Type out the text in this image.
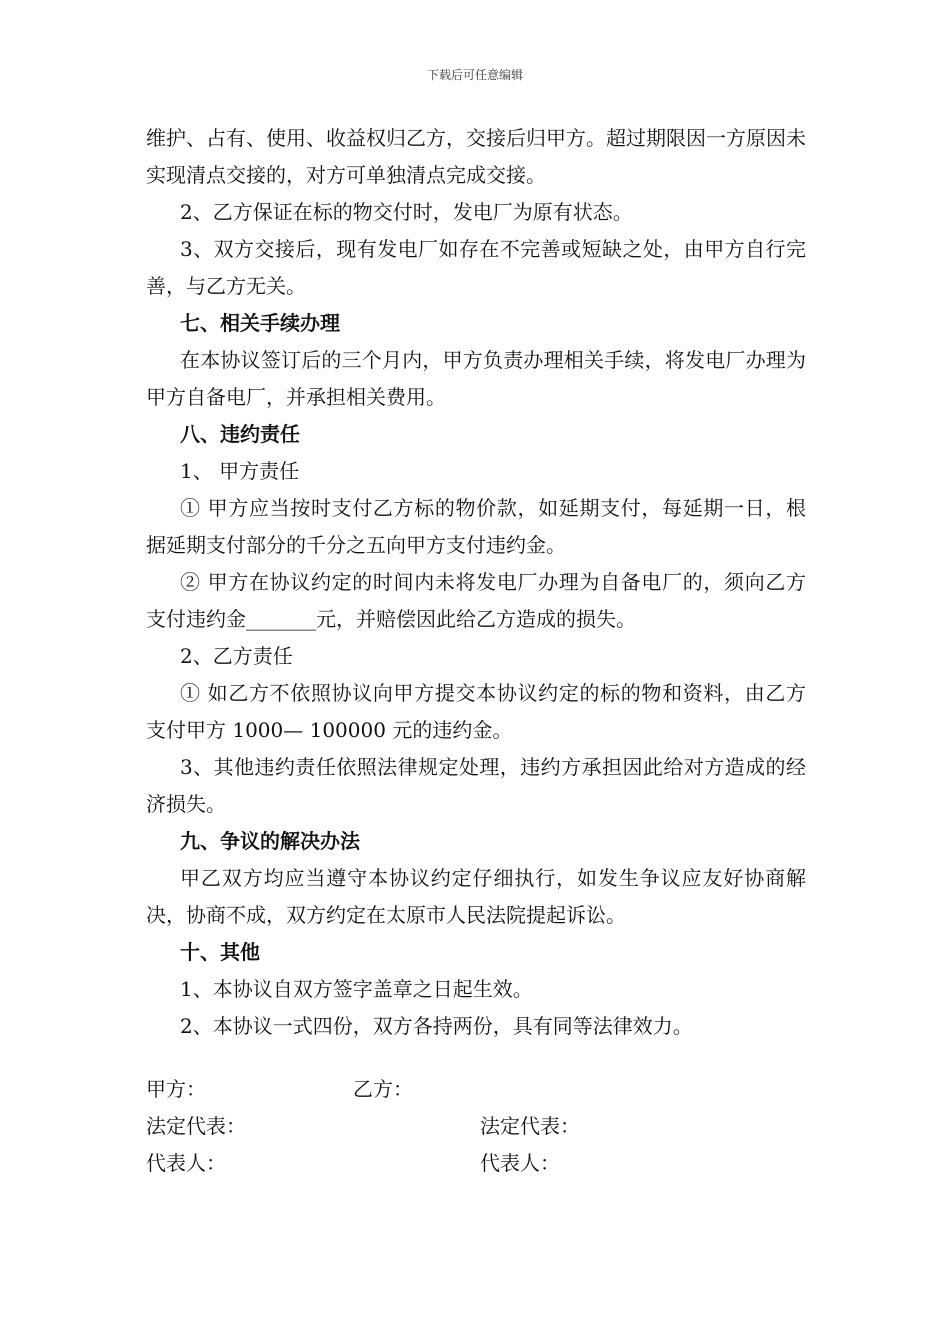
下载后可任意编辑

维护、占有、使用、收益权归乙方，交接后归甲方。超过期限因一方原因未实现清点交接的，对方可单独清点完成交接。

2、乙方保证在标的物交付时，发电厂为原有状态。

3、双方交接后，现有发电厂如存在不完善或短缺之处，由甲方自行完善，与乙方无关。

七、相关手续办理

在本协议签订后的三个月内，甲方负责办理相关手续，将发电厂办理为甲方自备电厂，并承担相关费用。

八、违约责任

1、 甲方责任

① 甲方应当按时支付乙方标的物价款，如延期支付，每延期一日，根据延期支付部分的千分之五向甲方支付违约金。

② 甲方在协议约定的时间内未将发电厂办理为自备电厂的，须向乙方支付违约金_______元，并赔偿因此给乙方造成的损失。

2、乙方责任

① 如乙方不依照协议向甲方提交本协议约定的标的物和资料，由乙方支付甲方 1000— 100000 元的违约金。

3、其他违约责任依照法律规定处理，违约方承担因此给对方造成的经济损失。

九、争议的解决办法

甲乙双方均应当遵守本协议约定仔细执行，如发生争议应友好协商解决，协商不成，双方约定在太原市人民法院提起诉讼。

十、其他

1、本协议自双方签字盖章之日起生效。

2、本协议一式四份，双方各持两份，具有同等法律效力。

甲方：	乙方：
法定代表：	法定代表：
代表人：	代表人：
